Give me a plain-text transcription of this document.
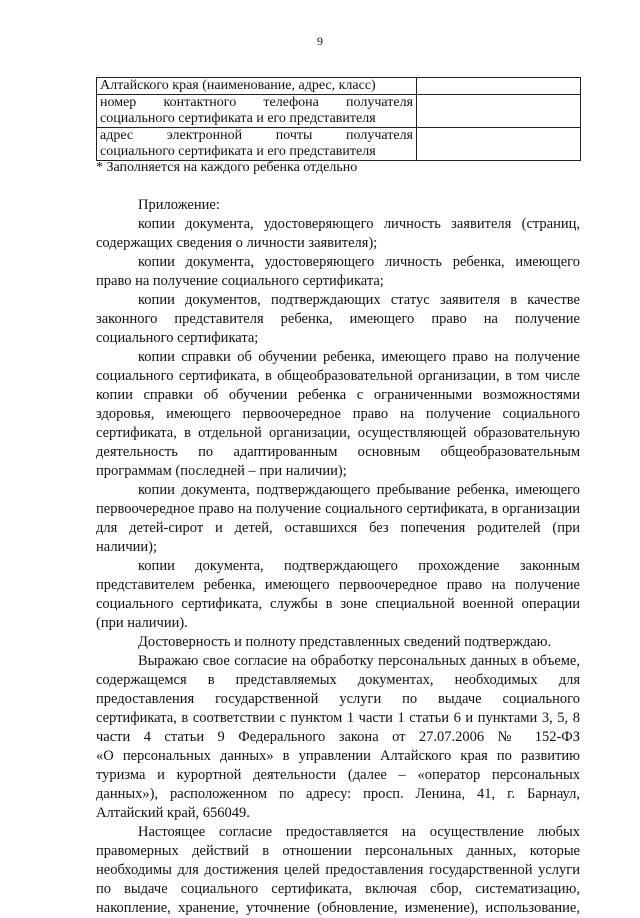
9
Алтайского края (наименование, адрес, класс)	

номер контактного телефона получателя
социального сертификата и его представителя	

адрес электронной почты получателя
социального сертификата и его представителя	

* Заполняется на каждого ребенка отдельно
Приложение:
копии документа, удостоверяющего личность заявителя (страниц,
содержащих сведения о личности заявителя);
копии документа, удостоверяющего личность ребенка, имеющего
право на получение социального сертификата;
копии документов, подтверждающих статус заявителя в качестве
законного представителя ребенка, имеющего право на получение
социального сертификата;
копии справки об обучении ребенка, имеющего право на получение
социального сертификата, в общеобразовательной организации, в том числе
копии справки об обучении ребенка с ограниченными возможностями
здоровья, имеющего первоочередное право на получение социального
сертификата, в отдельной организации, осуществляющей образовательную
деятельность по адаптированным основным общеобразовательным
программам (последней – при наличии);
копии документа, подтверждающего пребывание ребенка, имеющего
первоочередное право на получение социального сертификата, в организации
для детей-сирот и детей, оставшихся без попечения родителей (при
наличии);
копии документа, подтверждающего прохождение законным
представителем ребенка, имеющего первоочередное право на получение
социального сертификата, службы в зоне специальной военной операции
(при наличии).
Достоверность и полноту представленных сведений подтверждаю.
Выражаю свое согласие на обработку персональных данных в объеме,
содержащемся в представляемых документах, необходимых для
предоставления государственной услуги по выдаче социального
сертификата, в соответствии с пунктом 1 части 1 статьи 6 и пунктами 3, 5, 8
части 4 статьи 9 Федерального закона от 27.07.2006 № 152-ФЗ
«О персональных данных» в управлении Алтайского края по развитию
туризма и курортной деятельности (далее – «оператор персональных
данных»), расположенном по адресу: просп. Ленина, 41, г. Барнаул,
Алтайский край, 656049.
Настоящее согласие предоставляется на осуществление любых
правомерных действий в отношении персональных данных, которые
необходимы для достижения целей предоставления государственной услуги
по выдаче социального сертификата, включая сбор, систематизацию,
накопление, хранение, уточнение (обновление, изменение), использование,
